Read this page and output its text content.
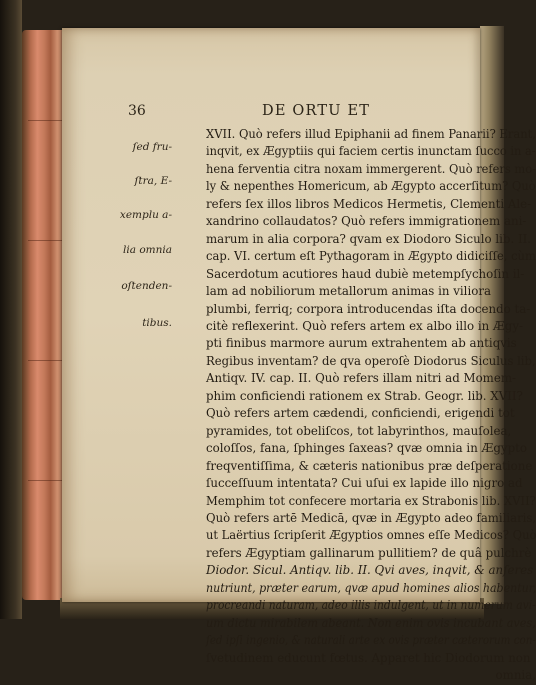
36	DE ORTU ET
ſed fru-
ſtra, E-
xemplu a-
lia omnia
oſtenden-
tibus.
XVII. Quò refers illud Epiphanii ad finem Panarii? Erant,
inqvit, ex Ægyptiis qui faciem certis inunctam ſucco in a-
hena ferventia citra noxam immergerent. Quò refers mo-
ly & nepenthes Homericum, ab Ægypto accerſitum? Quò
refers ſex illos libros Medicos Hermetis, Clementi Ale-
xandrino collaudatos? Quò refers immigrationem ani-
marum in alia corpora? qvam ex Diodoro Siculo lib. II.
cap. VI. certum eſt Pythagoram in Ægypto didiciſſe, cùm
Sacerdotum acutiores haud dubiè metempſychoſin il-
lam ad nobiliorum metallorum animas in viliora
plumbi, ferriq; corpora introducendas iſta docendo ta-
citè reflexerint. Quò refers artem ex albo illo in Ægy-
pti finibus marmore aurum extrahentem ab antiqvis
Regibus inventam? de qva operoſè Diodorus Siculus lib,
Antiqv. IV. cap. II. Quò refers illam nitri ad Momem-
phim conficiendi rationem ex Strab. Geogr. lib. XVII?
Quò refers artem cædendi, conficiendi, erigendi tot
pyramides, tot obeliſcos, tot labyrinthos, mauſolea,
coloſſos, fana, ſphinges ſaxeas? qvæ omnia in Ægypto
freqventiſſima, & cæteris nationibus præ deſperatione
ſucceſſuum intentata? Cui uſui ex lapide illo nigro ad
Memphim tot confecere mortaria ex Strabonis lib. XVII?
Quò refers artē Medicā, qvæ in Ægypto adeo familiaris,
ut Laërtius ſcripſerit Ægyptios omnes eſſe Medicos? Quò
refers Ægyptiam gallinarum pullitiem? de quâ pulchrè
Diodor. Sicul. Antiqv. lib. II. Qvi aves, inqvit, & anſeres
nutriunt, præter earum, qvæ apud homines alios habentur,
procreandi naturam, adeo illis indulgent, ut in numerum avi-
um dictu mirabilem abeant. Non enim ovis incubant aves,
ſed ipſi ingenio, & naturali arte ex ovis præter cæterorum con-
ſvetudinem educunt fœtus. Apparet hic Diodorum non
omnia,
